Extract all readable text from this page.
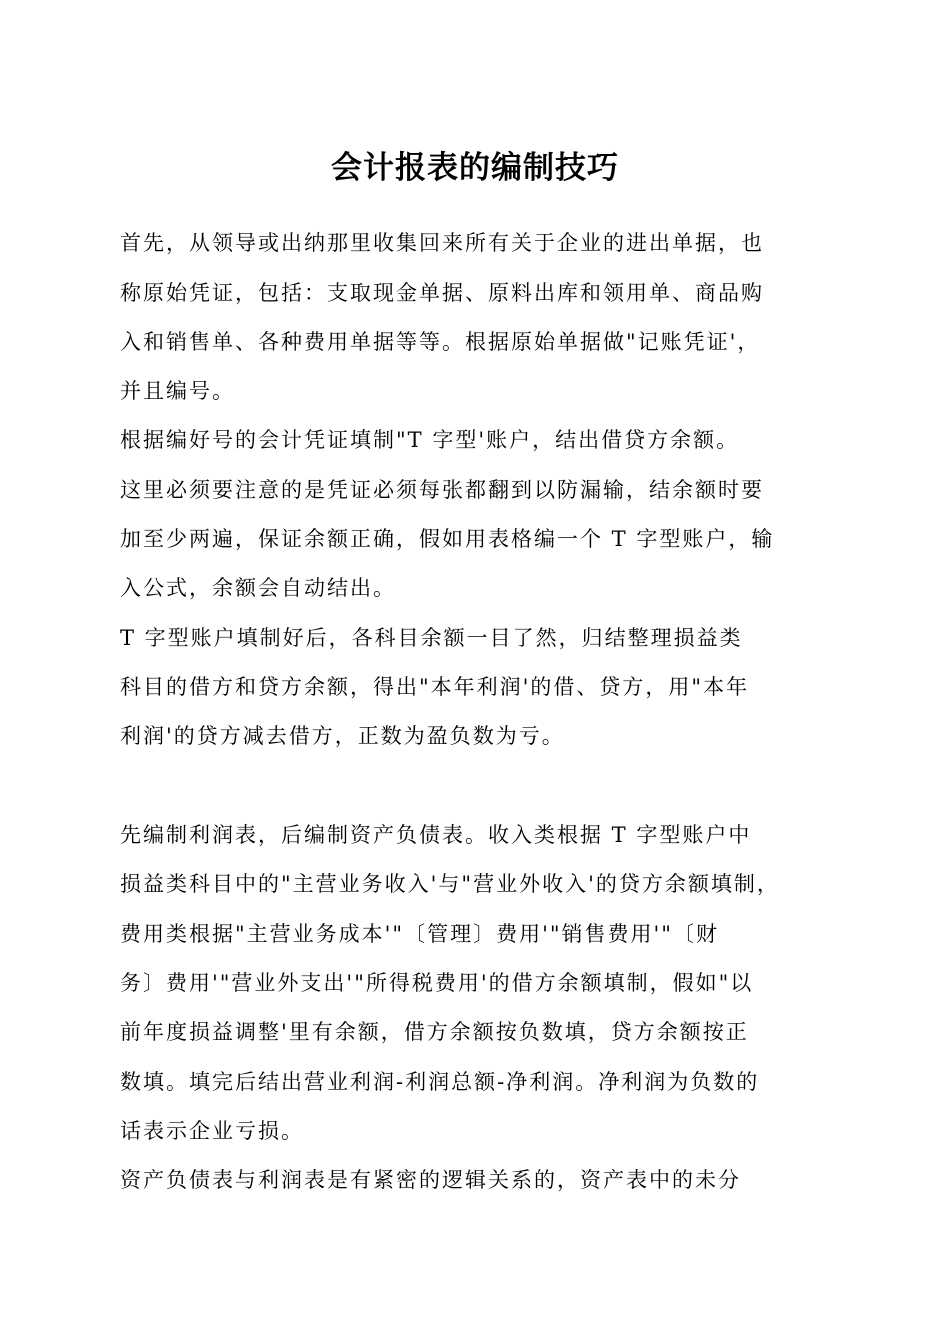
会计报表的编制技巧
首先，从领导或出纳那里收集回来所有关于企业的进出单据，也
称原始凭证，包括：支取现金单据、原料出库和领用单、商品购
入和销售单、各种费用单据等等。根据原始单据做"记账凭证'，
并且编号。
根据编好号的会计凭证填制"T 字型'账户，结出借贷方余额。
这里必须要注意的是凭证必须每张都翻到以防漏输，结余额时要
加至少两遍，保证余额正确，假如用表格编一个 T 字型账户，输
入公式，余额会自动结出。
T 字型账户填制好后，各科目余额一目了然，归结整理损益类
科目的借方和贷方余额，得出"本年利润'的借、贷方，用"本年
利润'的贷方减去借方，正数为盈负数为亏。
先编制利润表，后编制资产负债表。收入类根据 T 字型账户中
损益类科目中的"主营业务收入'与"营业外收入'的贷方余额填制，
费用类根据"主营业务成本'"〔管理〕费用'"销售费用'"〔财
务〕费用'"营业外支出'"所得税费用'的借方余额填制，假如"以
前年度损益调整'里有余额，借方余额按负数填，贷方余额按正
数填。填完后结出营业利润-利润总额-净利润。净利润为负数的
话表示企业亏损。
资产负债表与利润表是有紧密的逻辑关系的，资产表中的未分
